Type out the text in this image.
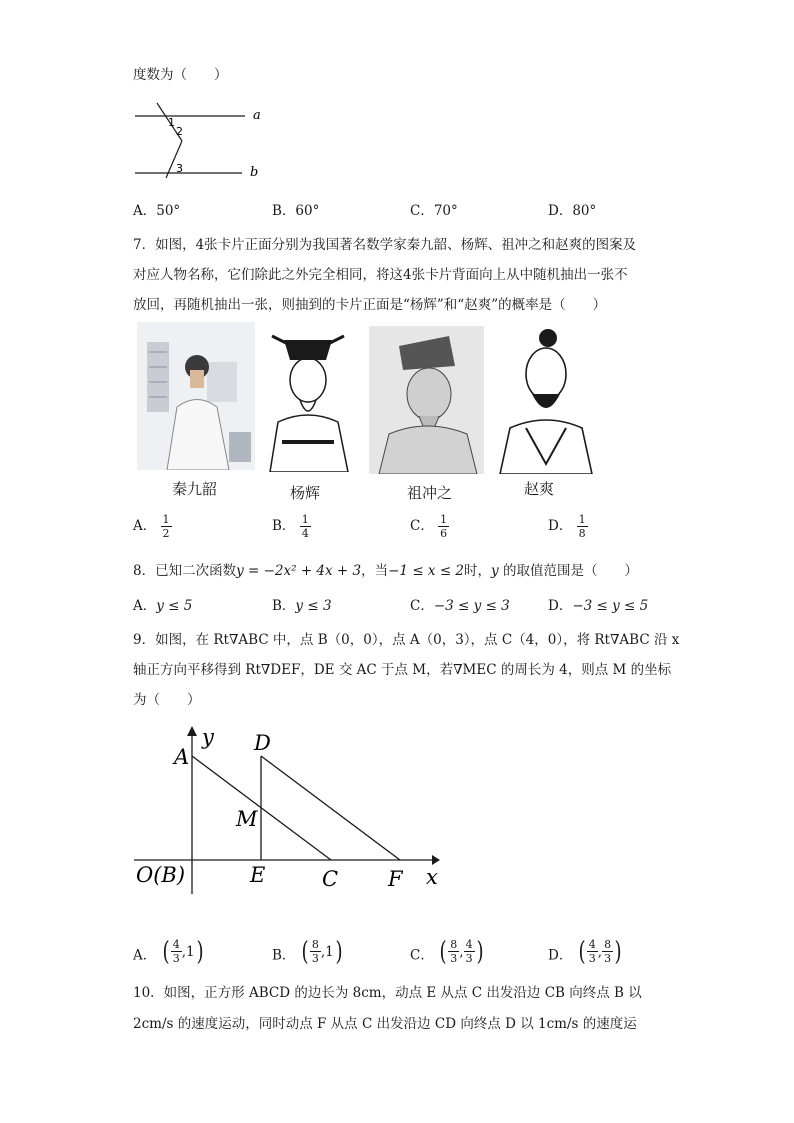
度数为（　　）
1
2
3
a
b
A．50°	B．60°	C．70°	D．80°
7．如图，4张卡片正面分别为我国著名数学家秦九韶、杨辉、祖冲之和赵爽的图案及
对应人物名称，它们除此之外完全相同，将这4张卡片背面向上从中随机抽出一张不
放回，再随机抽出一张，则抽到的卡片正面是“杨辉”和“赵爽”的概率是（　　）
秦九韶	杨辉	祖冲之	赵爽
A． $\frac{1}{2}$	B． $\frac{1}{4}$	C． $\frac{1}{6}$	D． $\frac{1}{8}$
8．已知二次函数y = −2x² + 4x + 3，当−1 ≤ x ≤ 2时，y 的取值范围是（　　）
A．y ≤ 5	B．y ≤ 3	C．−3 ≤ y ≤ 3	D．−3 ≤ y ≤ 5
9．如图，在 Rt∇ABC 中，点 B（0，0），点 A（0，3），点 C（4，0），将 Rt∇ABC 沿 x
轴正方向平移得到 Rt∇DEF，DE 交 AC 于点 M，若∇MEC 的周长为 4，则点 M 的坐标
为（　　）
y
x
A
D
M
O(B)	E	C F
A． ( $\frac{4}{3}$ , 1 )	B． ( $\frac{8}{3}$ , 1 )	C． ( $\frac{8}{3}$ , $\frac{4}{3}$ )	D． ( $\frac{4}{3}$ , $\frac{8}{3}$ )
10．如图，正方形 ABCD 的边长为 8cm，动点 E 从点 C 出发沿边 CB 向终点 B 以
2cm/s 的速度运动，同时动点 F 从点 C 出发沿边 CD 向终点 D 以 1cm/s 的速度运
